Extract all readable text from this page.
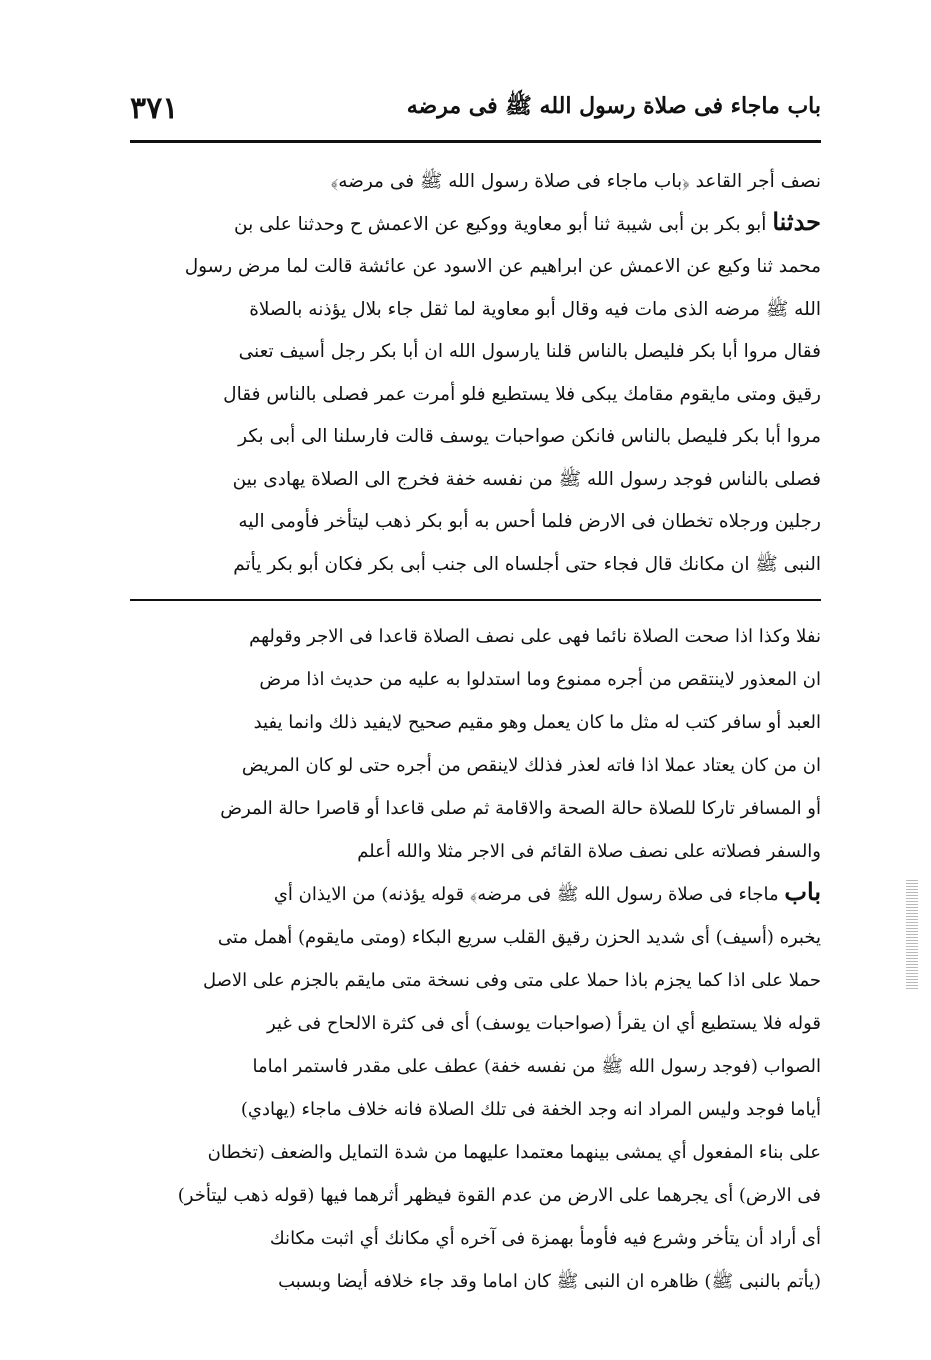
باب ماجاء فى صلاة رسول الله ﷺ فى مرضه
٣٧١
نصف أجر القاعد ﴿باب ماجاء فى صلاة رسول الله ﷺ فى مرضه﴾
حدثنا أبو بكر بن أبى شيبة ثنا أبو معاوية ووكيع عن الاعمش ح وحدثنا على بن
محمد ثنا وكيع عن الاعمش عن ابراهيم عن الاسود عن عائشة قالت لما مرض رسول
الله ﷺ مرضه الذى مات فيه وقال أبو معاوية لما ثقل جاء بلال يؤذنه بالصلاة
فقال مروا أبا بكر فليصل بالناس قلنا يارسول الله ان أبا بكر رجل أسيف تعنى
رقيق ومتى مايقوم مقامك يبكى فلا يستطيع فلو أمرت عمر فصلى بالناس فقال
مروا أبا بكر فليصل بالناس فانكن صواحبات يوسف قالت فارسلنا الى أبى بكر
فصلى بالناس فوجد رسول الله ﷺ من نفسه خفة فخرج الى الصلاة يهادى بين
رجلين ورجلاه تخطان فى الارض فلما أحس به أبو بكر ذهب ليتأخر فأومى اليه
النبى ﷺ ان مكانك قال فجاء حتى أجلساه الى جنب أبى بكر فكان أبو بكر يأتم
نفلا وكذا اذا صحت الصلاة نائما فهى على نصف الصلاة قاعدا فى الاجر وقولهم
ان المعذور لاينتقص من أجره ممنوع وما استدلوا به عليه من حديث اذا مرض
العبد أو سافر كتب له مثل ما كان يعمل وهو مقيم صحيح لايفيد ذلك وانما يفيد
ان من كان يعتاد عملا اذا فاته لعذر فذلك لاينقص من أجره حتى لو كان المريض
أو المسافر تاركا للصلاة حالة الصحة والاقامة ثم صلى قاعدا أو قاصرا حالة المرض
والسفر فصلاته على نصف صلاة القائم فى الاجر مثلا والله أعلم
باب ماجاء فى صلاة رسول الله ﷺ فى مرضه﴾ قوله يؤذنه) من الايذان أي
يخبره (أسيف) أى شديد الحزن رقيق القلب سريع البكاء (ومتى مايقوم) أهمل متى
حملا على اذا كما يجزم باذا حملا على متى وفى نسخة متى مايقم بالجزم على الاصل
قوله فلا يستطيع أي ان يقرأ (صواحبات يوسف) أى فى كثرة الالحاح فى غير
الصواب (فوجد رسول الله ﷺ من نفسه خفة) عطف على مقدر فاستمر اماما
أياما فوجد وليس المراد انه وجد الخفة فى تلك الصلاة فانه خلاف ماجاء (يهادي)
على بناء المفعول أي يمشى بينهما معتمدا عليهما من شدة التمايل والضعف (تخطان
فى الارض) أى يجرهما على الارض من عدم القوة فيظهر أثرهما فيها (قوله ذهب ليتأخر)
أى أراد أن يتأخر وشرع فيه فأومأ بهمزة فى آخره أي مكانك أي اثبت مكانك
(يأتم بالنبى ﷺ) ظاهره ان النبى ﷺ كان اماما وقد جاء خلافه أيضا وبسبب
